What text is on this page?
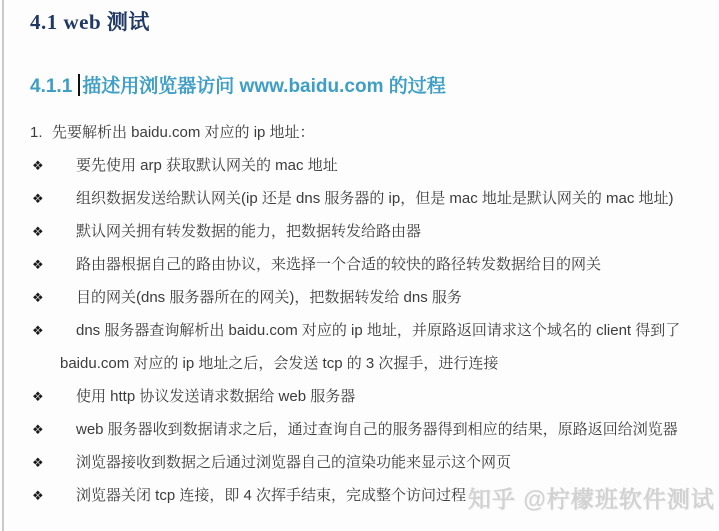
4.1 web 测试
4.1.1 描述用浏览器访问 www.baidu.com 的过程
1. 先要解析出 baidu.com 对应的 ip 地址：
❖	要先使用 arp 获取默认网关的 mac 地址
❖	组织数据发送给默认网关(ip 还是 dns 服务器的 ip，但是 mac 地址是默认网关的 mac 地址)
❖	默认网关拥有转发数据的能力，把数据转发给路由器
❖	路由器根据自己的路由协议，来选择一个合适的较快的路径转发数据给目的网关
❖	目的网关(dns 服务器所在的网关)，把数据转发给 dns 服务
❖	dns 服务器查询解析出 baidu.com 对应的 ip 地址，并原路返回请求这个域名的 client 得到了 baidu.com 对应的 ip 地址之后，会发送 tcp 的 3 次握手，进行连接
❖	使用 http 协议发送请求数据给 web 服务器
❖	web 服务器收到数据请求之后，通过查询自己的服务器得到相应的结果，原路返回给浏览器
❖	浏览器接收到数据之后通过浏览器自己的渲染功能来显示这个网页
❖	浏览器关闭 tcp 连接，即 4 次挥手结束，完成整个访问过程 知乎 @柠檬班软件测试
